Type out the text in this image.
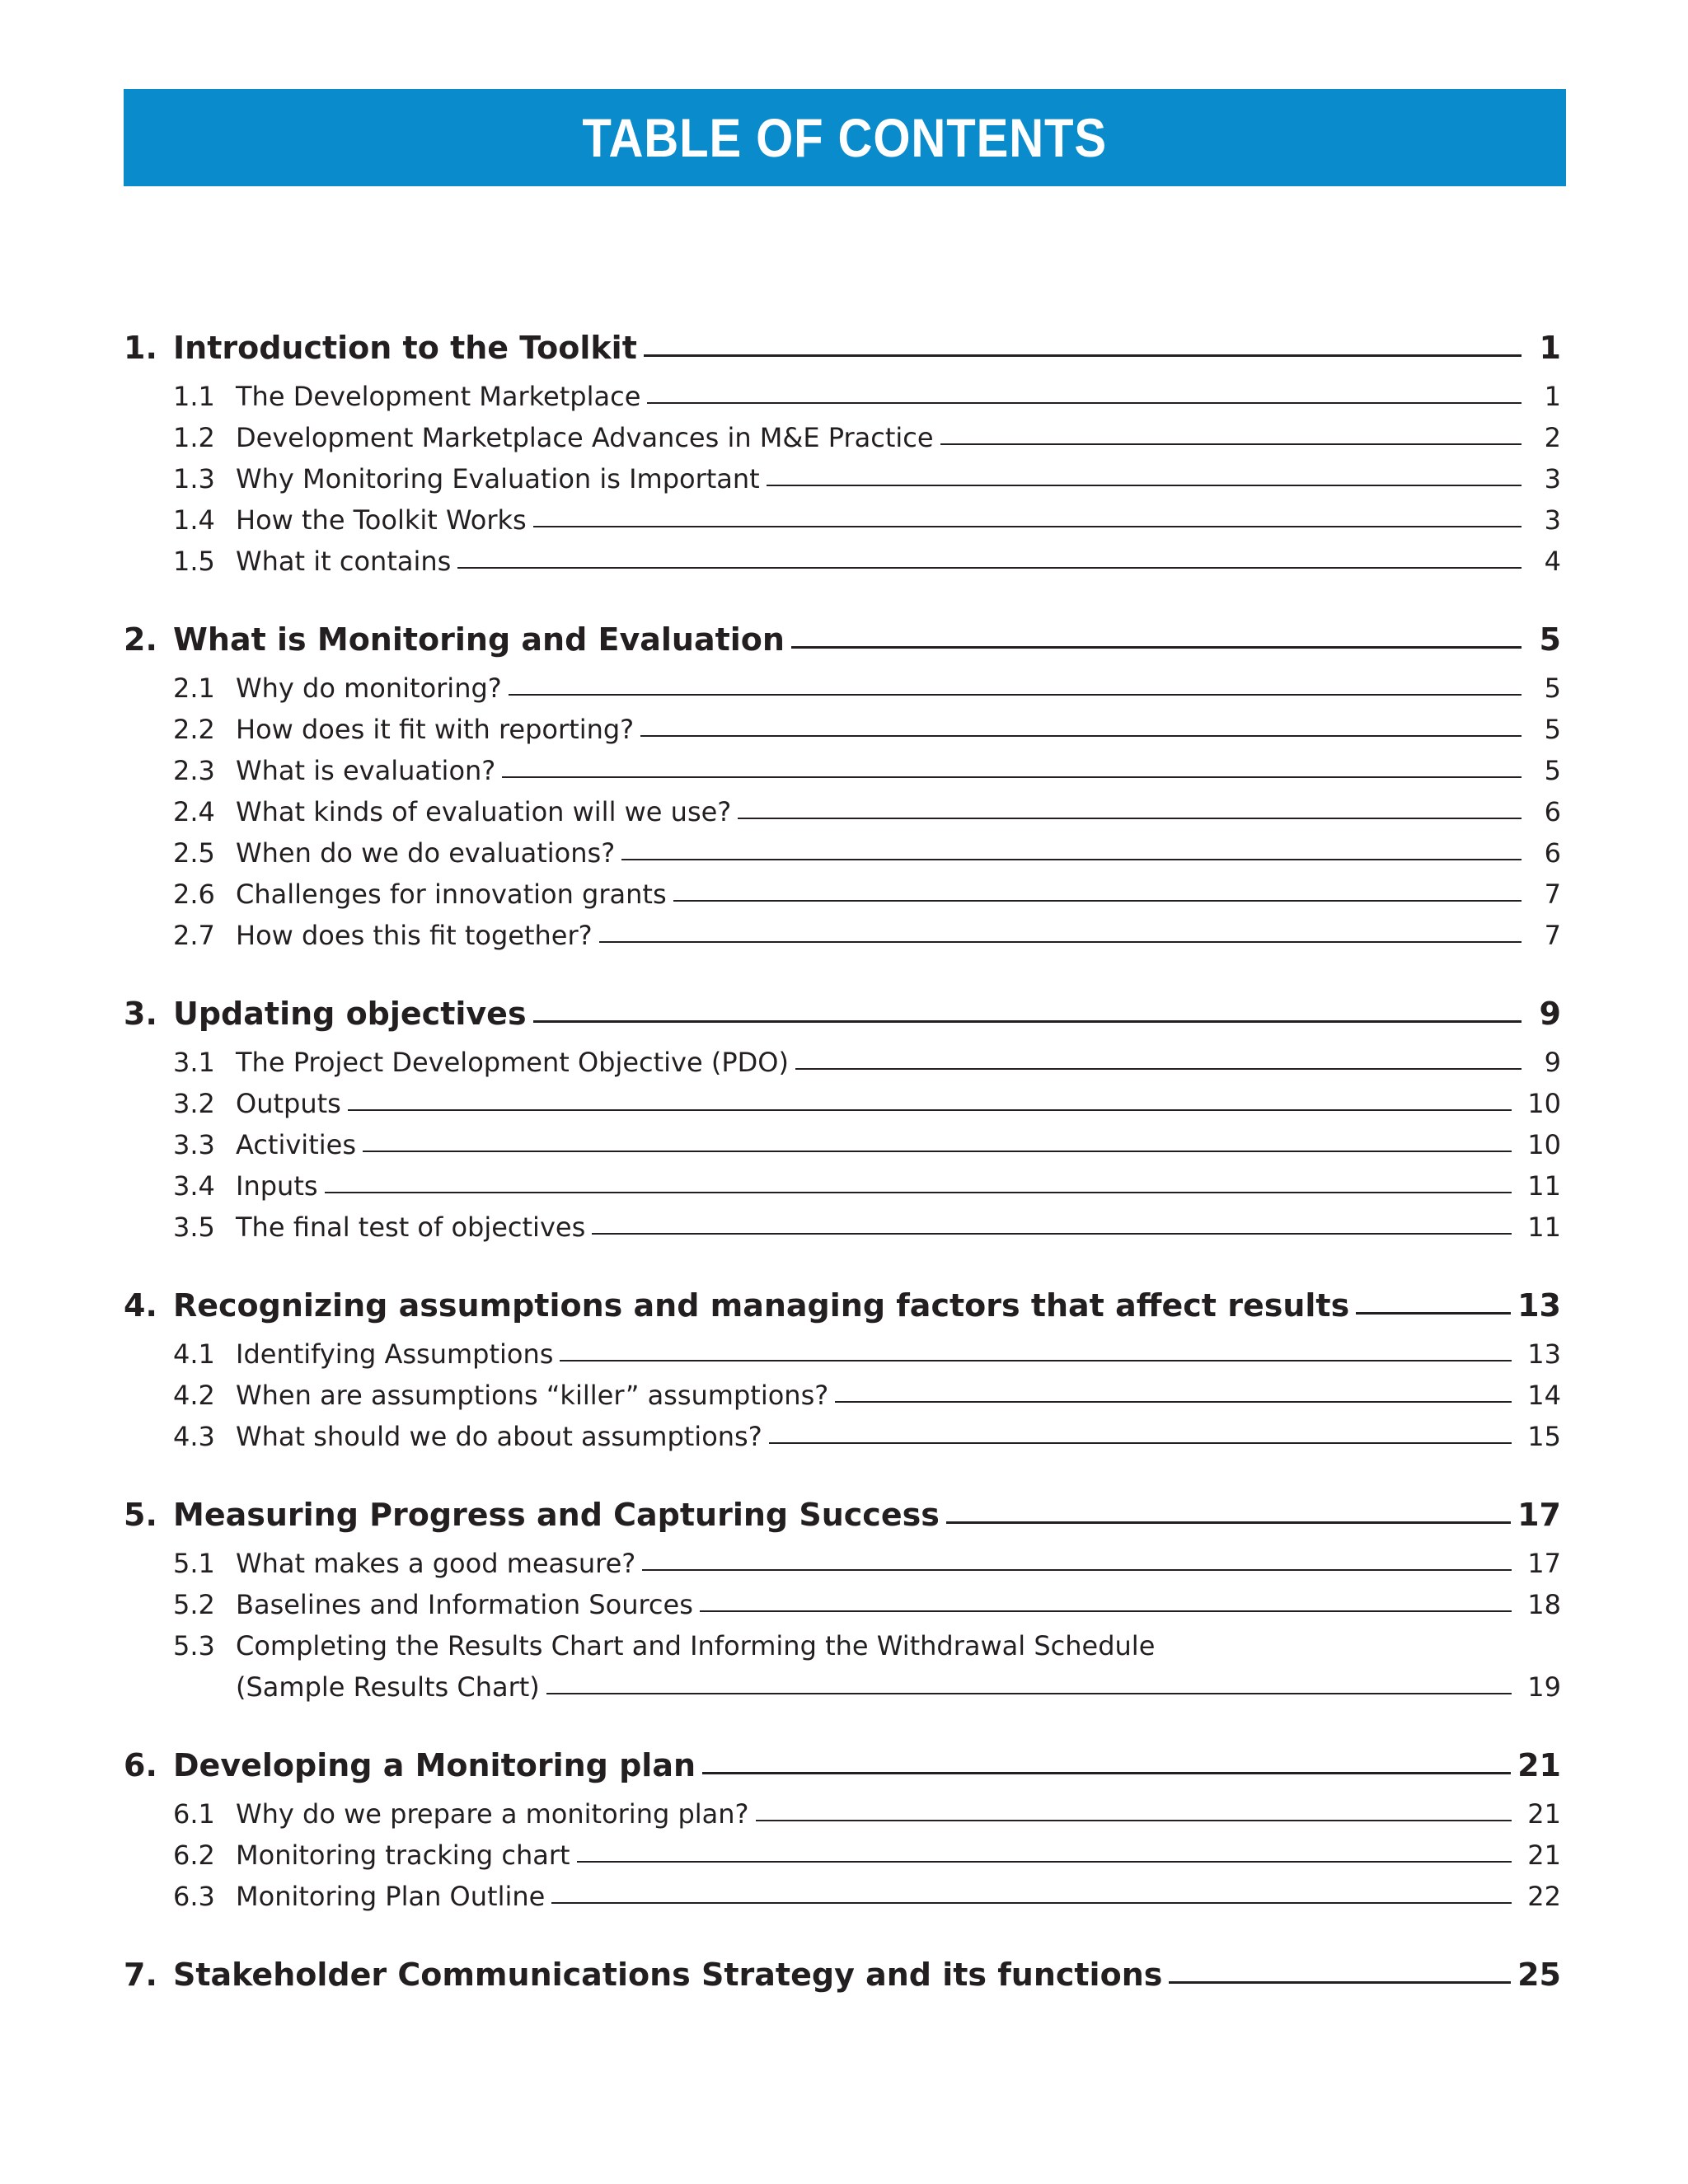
TABLE OF CONTENTS
1. Introduction to the Toolkit	1
1.1 The Development Marketplace	1
1.2 Development Marketplace Advances in M&E Practice	2
1.3 Why Monitoring Evaluation is Important	3
1.4 How the Toolkit Works	3
1.5 What it contains	4
2. What is Monitoring and Evaluation	5
2.1 Why do monitoring?	5
2.2 How does it fit with reporting?	5
2.3 What is evaluation?	5
2.4 What kinds of evaluation will we use?	6
2.5 When do we do evaluations?	6
2.6 Challenges for innovation grants	7
2.7 How does this fit together?	7
3. Updating objectives	9
3.1 The Project Development Objective (PDO)	9
3.2 Outputs	10
3.3 Activities	10
3.4 Inputs	11
3.5 The final test of objectives	11
4. Recognizing assumptions and managing factors that affect results	13
4.1 Identifying Assumptions	13
4.2 When are assumptions “killer” assumptions?	14
4.3 What should we do about assumptions?	15
5. Measuring Progress and Capturing Success	17
5.1 What makes a good measure?	17
5.2 Baselines and Information Sources	18
5.3 Completing the Results Chart and Informing the Withdrawal Schedule
(Sample Results Chart)	19
6. Developing a Monitoring plan	21
6.1 Why do we prepare a monitoring plan?	21
6.2 Monitoring tracking chart	21
6.3 Monitoring Plan Outline	22
7. Stakeholder Communications Strategy and its functions	25
